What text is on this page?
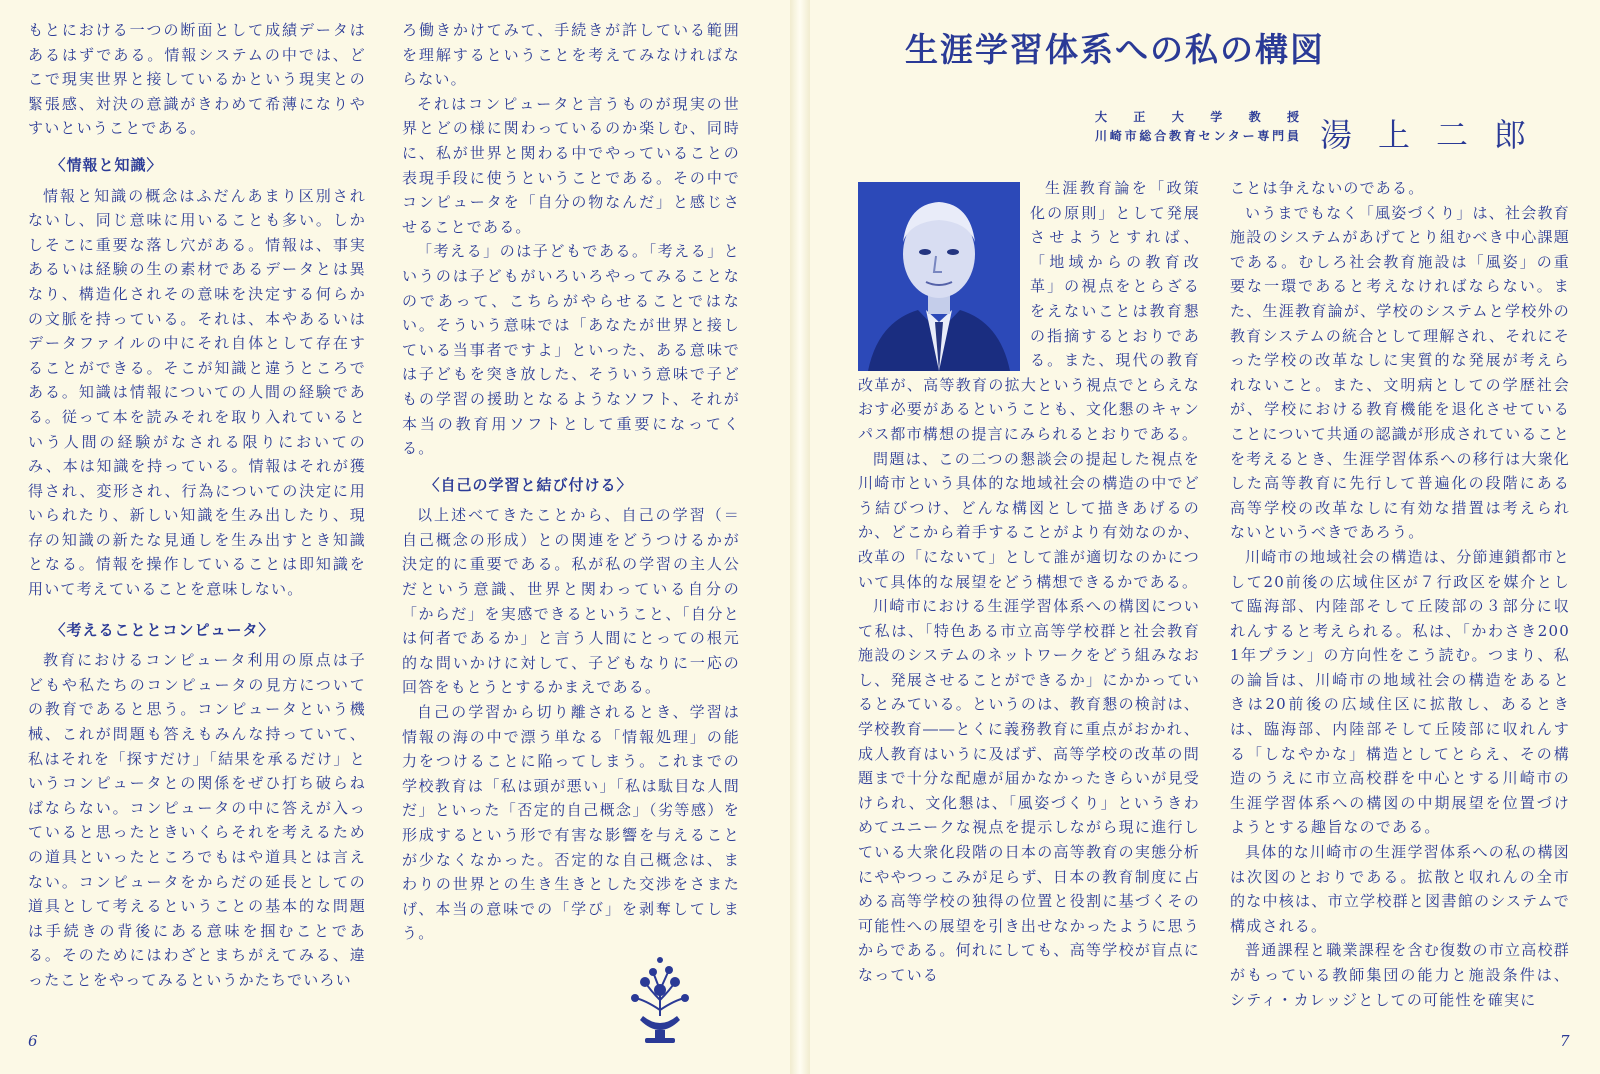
もとにおける一つの断面として成績データはあるはずである。情報システムの中では、どこで現実世界と接しているかという現実との緊張感、対決の意識がきわめて希薄になりやすいということである。

〈情報と知識〉

情報と知識の概念はふだんあまり区別されないし、同じ意味に用いることも多い。しかしそこに重要な落し穴がある。情報は、事実あるいは経験の生の素材であるデータとは異なり、構造化されその意味を決定する何らかの文脈を持っている。それは、本やあるいはデータファイルの中にそれ自体として存在することができる。そこが知識と違うところである。知識は情報についての人間の経験である。従って本を読みそれを取り入れているという人間の経験がなされる限りにおいてのみ、本は知識を持っている。情報はそれが獲得され、変形され、行為についての決定に用いられたり、新しい知識を生み出したり、現存の知識の新たな見通しを生み出すとき知識となる。情報を操作していることは即知識を用いて考えていることを意味しない。

〈考えることとコンピュータ〉

教育におけるコンピュータ利用の原点は子どもや私たちのコンピュータの見方についての教育であると思う。コンピュータという機械、これが問題も答えもみんな持っていて、私はそれを「探すだけ」「結果を承るだけ」というコンピュータとの関係をぜひ打ち破らねばならない。コンピュータの中に答えが入っていると思ったときいくらそれを考えるための道具といったところでもはや道具とは言えない。コンピュータをからだの延長としての道具として考えるということの基本的な問題は手続きの背後にある意味を掴むことである。そのためにはわざとまちがえてみる、違ったことをやってみるというかたちでいろい

ろ働きかけてみて、手続きが許している範囲を理解するということを考えてみなければならない。

それはコンピュータと言うものが現実の世界とどの様に関わっているのか楽しむ、同時に、私が世界と関わる中でやっていることの表現手段に使うということである。その中でコンピュータを「自分の物なんだ」と感じさせることである。

「考える」のは子どもである。「考える」というのは子どもがいろいろやってみることなのであって、こちらがやらせることではない。そういう意味では「あなたが世界と接している当事者ですよ」といった、ある意味では子どもを突き放した、そういう意味で子どもの学習の援助となるようなソフト、それが本当の教育用ソフトとして重要になってくる。

〈自己の学習と結び付ける〉

以上述べてきたことから、自己の学習（＝自己概念の形成）との関連をどうつけるかが決定的に重要である。私が私の学習の主人公だという意識、世界と関わっている自分の「からだ」を実感できるということ、「自分とは何者であるか」と言う人間にとっての根元的な問いかけに対して、子どもなりに一応の回答をもとうとするかまえである。

自己の学習から切り離されるとき、学習は情報の海の中で漂う単なる「情報処理」の能力をつけることに陥ってしまう。これまでの学校教育は「私は頭が悪い」「私は駄目な人間だ」といった「否定的自己概念」（劣等感）を形成するという形で有害な影響を与えることが少なくなかった。否定的な自己概念は、まわりの世界との生き生きとした交渉をさまたげ、本当の意味での「学び」を剥奪してしまう。

6
生涯学習体系への私の構図
大正大学教授
川崎市総合教育センター専門員 湯上二郎

生涯教育論を「政策化の原則」として発展させようとすれば、「地域からの教育改革」の視点をとらざるをえないことは教育懇の指摘するとおりである。また、現代の教育改革が、高等教育の拡大という視点でとらえなおす必要があるということも、文化懇のキャンパス都市構想の提言にみられるとおりである。

問題は、この二つの懇談会の提起した視点を川崎市という具体的な地域社会の構造の中でどう結びつけ、どんな構図として描きあげるのか、どこから着手することがより有効なのか、改革の「にないて」として誰が適切なのかについて具体的な展望をどう構想できるかである。

川崎市における生涯学習体系への構図について私は、「特色ある市立高等学校群と社会教育施設のシステムのネットワークをどう組みなおし、発展させることができるか」にかかっているとみている。というのは、教育懇の検討は、学校教育――とくに義務教育に重点がおかれ、成人教育はいうに及ばず、高等学校の改革の問題まで十分な配慮が届かなかったきらいが見受けられ、文化懇は、「風姿づくり」というきわめてユニークな視点を提示しながら現に進行している大衆化段階の日本の高等教育の実態分析にややつっこみが足らず、日本の教育制度に占める高等学校の独得の位置と役割に基づくその可能性への展望を引き出せなかったように思うからである。何れにしても、高等学校が盲点になっている

ことは争えないのである。

いうまでもなく「風姿づくり」は、社会教育施設のシステムがあげてとり組むべき中心課題である。むしろ社会教育施設は「風姿」の重要な一環であると考えなければならない。また、生涯教育論が、学校のシステムと学校外の教育システムの統合として理解され、それにそった学校の改革なしに実質的な発展が考えられないこと。また、文明病としての学歴社会が、学校における教育機能を退化させていることについて共通の認識が形成されていることを考えるとき、生涯学習体系への移行は大衆化した高等教育に先行して普遍化の段階にある高等学校の改革なしに有効な措置は考えられないというべきであろう。

川崎市の地域社会の構造は、分節連鎖都市として20前後の広域住区が７行政区を媒介として臨海部、内陸部そして丘陵部の３部分に収れんすると考えられる。私は、「かわさき2001年プラン」の方向性をこう読む。つまり、私の論旨は、川崎市の地域社会の構造をあるときは20前後の広域住区に拡散し、あるときは、臨海部、内陸部そして丘陵部に収れんする「しなやかな」構造としてとらえ、その構造のうえに市立高校群を中心とする川崎市の生涯学習体系への構図の中期展望を位置づけようとする趣旨なのである。

具体的な川崎市の生涯学習体系への私の構図は次図のとおりである。拡散と収れんの全市的な中核は、市立学校群と図書館のシステムで構成される。

普通課程と職業課程を含む復数の市立高校群がもっている教師集団の能力と施設条件は、シティ・カレッジとしての可能性を確実に

7
